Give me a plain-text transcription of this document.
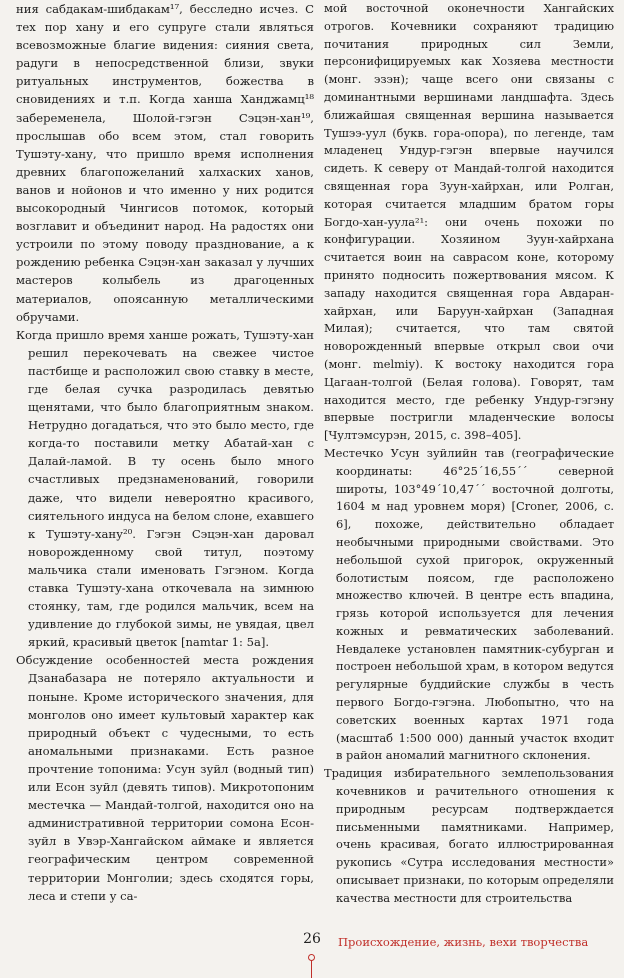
ния сабдакам-шибдакам¹⁷, бесследно исчез. С тех пор хану и его супруге стали являться всевозможные благие видения: сияния света, радуги в непосредственной близи, звуки ритуальных инструментов, божества в сновидениях и т.п. Когда ханша Ханджамц¹⁸ забеременела, Шолой-гэгэн Сэцэн-хан¹⁹, прослышав обо всем этом, стал говорить Тушэту-хану, что пришло время исполнения древних благопожеланий халхаских ханов, ванов и нойонов и что именно у них родится высокородный Чингисов потомок, который возглавит и объединит народ. На радостях они устроили по этому поводу празднование, а к рождению ребенка Сэцэн-хан заказал у лучших мастеров колыбель из драгоценных материалов, опоясанную металлическими обручами.

Когда пришло время ханше рожать, Тушэту-хан решил перекочевать на свежее чистое пастбище и расположил свою ставку в месте, где белая сучка разродилась девятью щенятами, что было благоприятным знаком. Нетрудно догадаться, что это было место, где когда-то поставили метку Абатай-хан с Далай-ламой. В ту осень было много счастливых предзнаменований, говорили даже, что видели невероятно красивого, сиятельного индуса на белом слоне, ехавшего к Тушэту-хану²⁰. Гэгэн Сэцэн-хан даровал новорожденному свой титул, поэтому мальчика стали именовать Гэгэном. Когда ставка Тушэту-хана откочевала на зимнюю стоянку, там, где родился мальчик, всем на удивление до глубокой зимы, не увядая, цвел яркий, красивый цветок [namtar 1: 5a].

Обсуждение особенностей места рождения Дзанабазара не потеряло актуальности и поныне. Кроме исторического значения, для монголов оно имеет культовый характер как природный объект с чудесными, то есть аномальными признаками. Есть разное прочтение топонима: Усун зуйл (водный тип) или Есон зуйл (девять типов). Микротопоним местечка — Мандай-толгой, находится оно на административной территории сомона Есон-зуйл в Увэр-Хангайском аймаке и является географическим центром современной территории Монголии; здесь сходятся горы, леса и степи у са-

мой восточной оконечности Хангайских отрогов. Кочевники сохраняют традицию почитания природных сил Земли, персонифицируемых как Хозяева местности (монг. эзэн); чаще всего они связаны с доминантными вершинами ландшафта. Здесь ближайшая священная вершина называется Тушээ-уул (букв. гора-опора), по легенде, там младенец Ундур-гэгэн впервые научился сидеть. К северу от Мандай-толгой находится священная гора Зуун-хайрхан, или Ролган, которая считается младшим братом горы Богдо-хан-уула²¹: они очень похожи по конфигурации. Хозяином Зуун-хайрхана считается воин на саврасом коне, которому принято подносить пожертвования мясом. К западу находится священная гора Авдаран-хайрхан, или Баруун-хайрхан (Западная Милая); считается, что там святой новорожденный впервые открыл свои очи (монг. melmiy). К востоку находится гора Цагаан-толгой (Белая голова). Говорят, там находится место, где ребенку Ундур-гэгэну впервые постригли младенческие волосы [Чултэмсурэн, 2015, с. 398–405].

Местечко Усун зуйлийн тав (географические координаты: 46°25´16,55´´ северной широты, 103°49´10,47´´ восточной долготы, 1604 м над уровнем моря) [Croner, 2006, с. 6], похоже, действительно обладает необычными природными свойствами. Это небольшой сухой пригорок, окруженный болотистым поясом, где расположено множество ключей. В центре есть впадина, грязь которой используется для лечения кожных и ревматических заболеваний. Невдалеке установлен памятник-субурган и построен небольшой храм, в котором ведутся регулярные буддийские службы в честь первого Богдо-гэгэна. Любопытно, что на советских военных картах 1971 года (масштаб 1:500 000) данный участок входит в район аномалий магнитного склонения.

Традиция избирательного землепользования кочевников и рачительного отношения к природным ресурсам подтверждается письменными памятниками. Например, очень красивая, богато иллюстрированная рукопись «Сутра исследования местности» описывает признаки, по которым определяли качества местности для строительства

26	Происхождение, жизнь, вехи творчества
